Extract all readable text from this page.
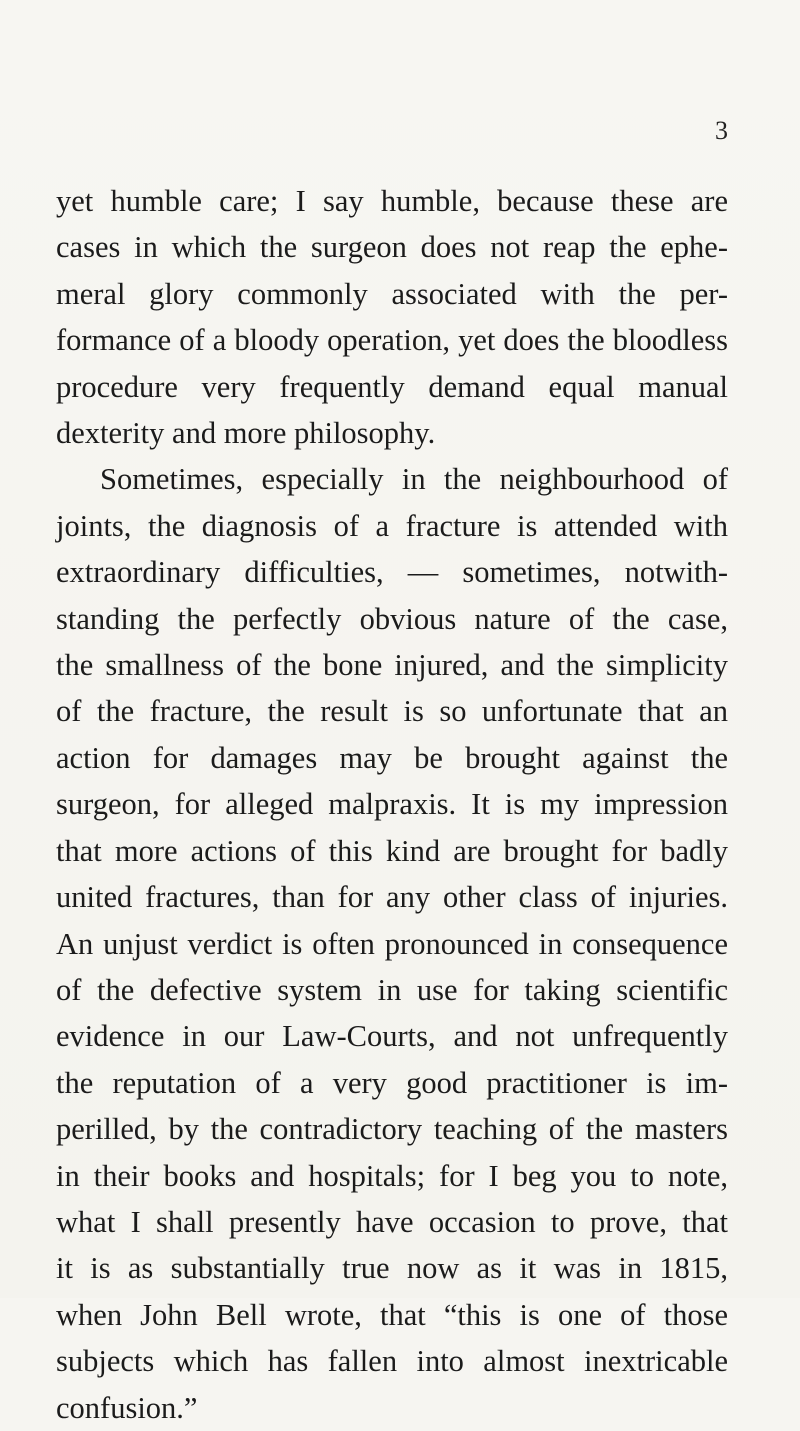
3

yet humble care; I say humble, because these are
cases in which the surgeon does not reap the ephe-
meral glory commonly associated with the per-
formance of a bloody operation, yet does the bloodless
procedure very frequently demand equal manual
dexterity and more philosophy.

Sometimes, especially in the neighbourhood of
joints, the diagnosis of a fracture is attended with
extraordinary difficulties, — sometimes, notwith-
standing the perfectly obvious nature of the case,
the smallness of the bone injured, and the simplicity
of the fracture, the result is so unfortunate that an
action for damages may be brought against the
surgeon, for alleged malpraxis. It is my impression
that more actions of this kind are brought for badly
united fractures, than for any other class of injuries.
An unjust verdict is often pronounced in consequence
of the defective system in use for taking scientific
evidence in our Law-Courts, and not unfrequently
the reputation of a very good practitioner is im-
perilled, by the contradictory teaching of the masters
in their books and hospitals; for I beg you to note,
what I shall presently have occasion to prove, that
it is as substantially true now as it was in 1815,
when John Bell wrote, that “this is one of those
subjects which has fallen into almost inextricable
confusion.”
